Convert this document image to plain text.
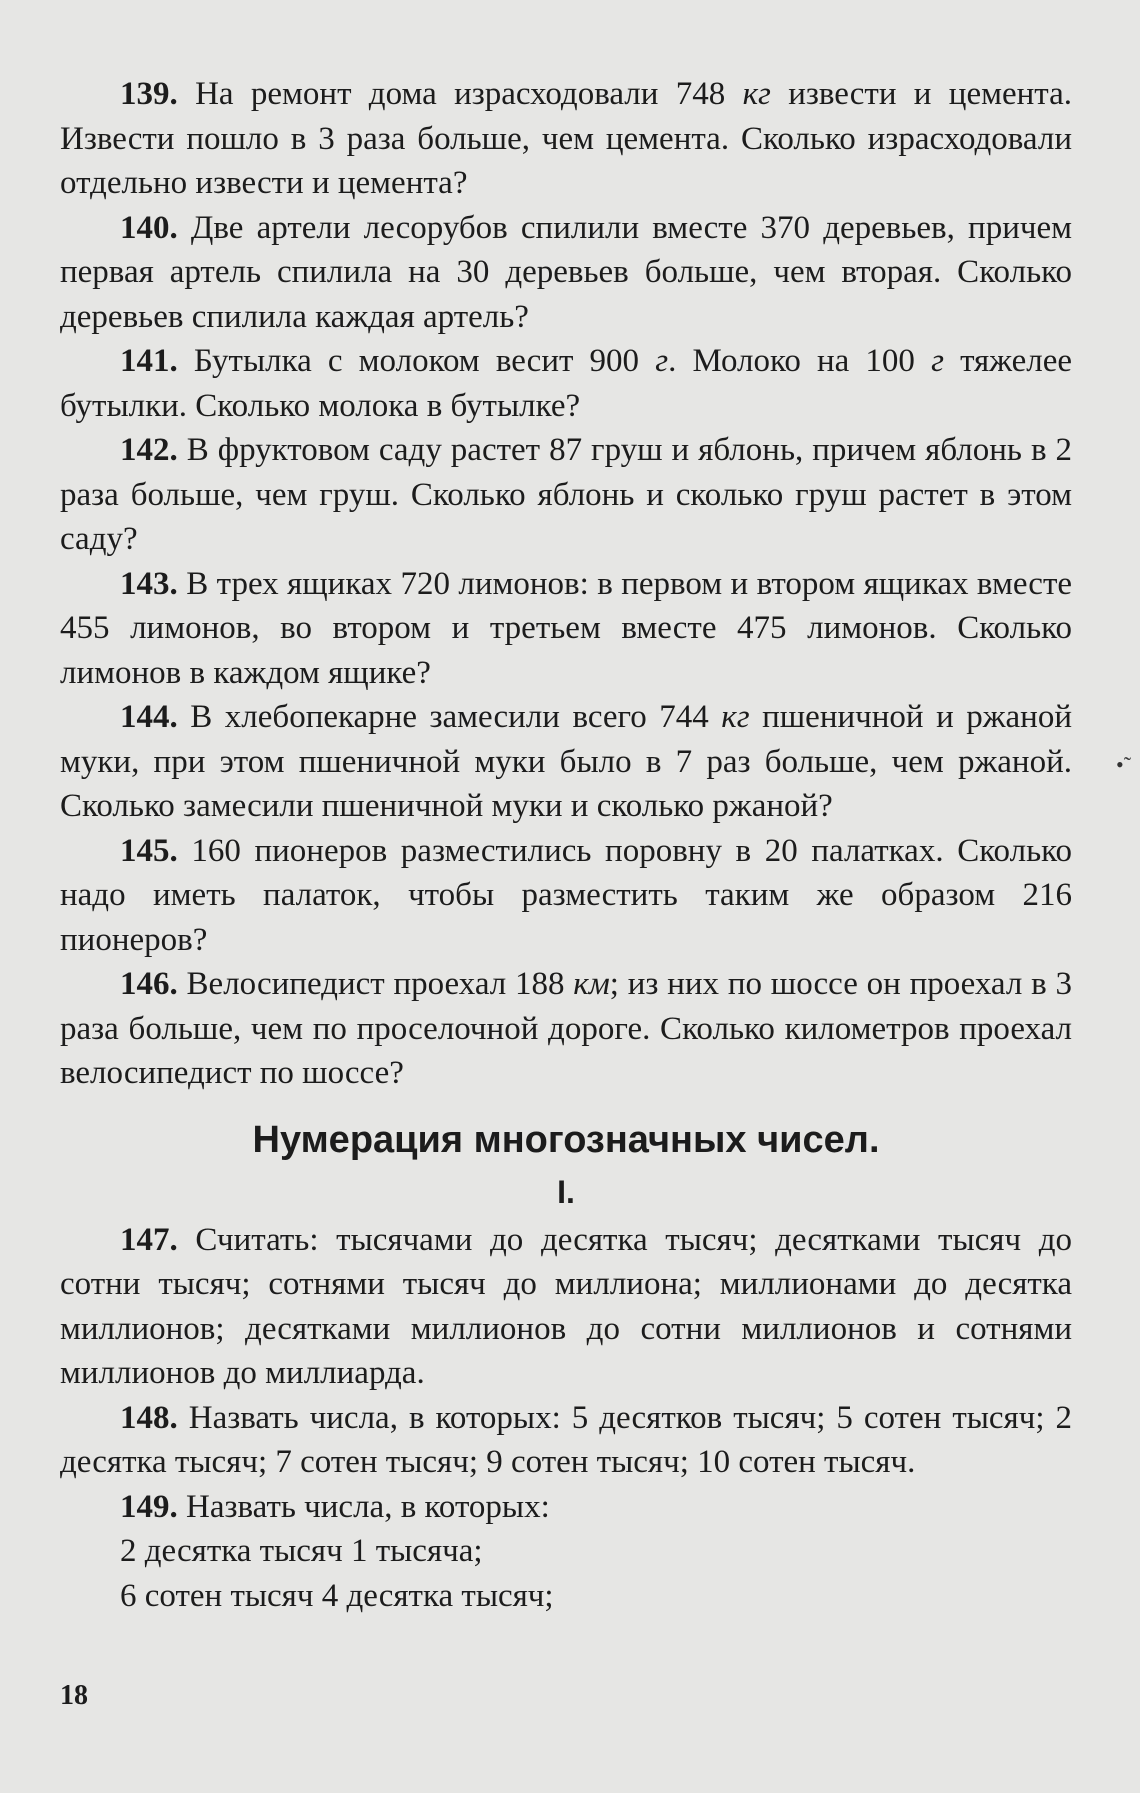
139. На ремонт дома израсходовали 748 кг извести и цемента. Извести пошло в 3 раза больше, чем цемента. Сколько израсходовали отдельно извести и цемента?

140. Две артели лесорубов спилили вместе 370 деревьев, причем первая артель спилила на 30 деревьев больше, чем вторая. Сколько деревьев спилила каждая артель?

141. Бутылка с молоком весит 900 г. Молоко на 100 г тяжелее бутылки. Сколько молока в бутылке?

142. В фруктовом саду растет 87 груш и яблонь, причем яблонь в 2 раза больше, чем груш. Сколько яблонь и сколько груш растет в этом саду?

143. В трех ящиках 720 лимонов: в первом и втором ящиках вместе 455 лимонов, во втором и третьем вместе 475 лимонов. Сколько лимонов в каждом ящике?

144. В хлебопекарне замесили всего 744 кг пшеничной и ржаной муки, при этом пшеничной муки было в 7 раз больше, чем ржаной. Сколько замесили пшеничной муки и сколько ржаной?

145. 160 пионеров разместились поровну в 20 палатках. Сколько надо иметь палаток, чтобы разместить таким же образом 216 пионеров?

146. Велосипедист проехал 188 км; из них по шоссе он проехал в 3 раза больше, чем по проселочной дороге. Сколько километров проехал велосипедист по шоссе?

Нумерация многозначных чисел.

I.

147. Считать: тысячами до десятка тысяч; десятками тысяч до сотни тысяч; сотнями тысяч до миллиона; миллионами до десятка миллионов; десятками миллионов до сотни миллионов и сотнями миллионов до миллиарда.

148. Назвать числа, в которых: 5 десятков тысяч; 5 сотен тысяч; 2 десятка тысяч; 7 сотен тысяч; 9 сотен тысяч; 10 сотен тысяч.

149. Назвать числа, в которых:

2 десятка тысяч 1 тысяча;

6 сотен тысяч 4 десятка тысяч;

18
•˜
